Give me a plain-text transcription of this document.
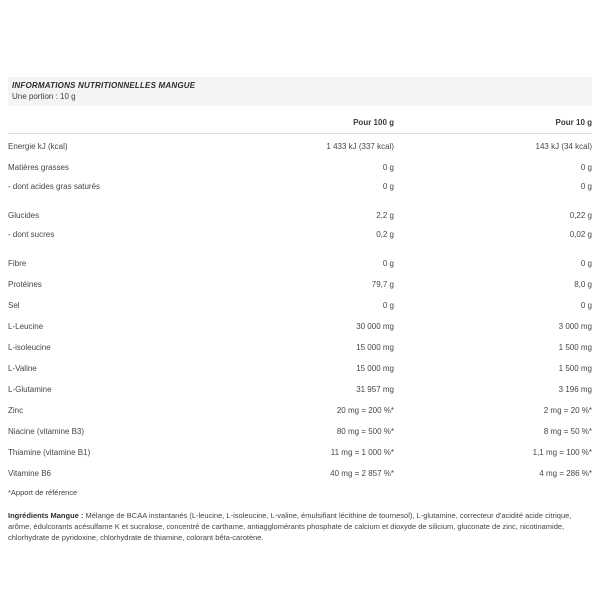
INFORMATIONS NUTRITIONNELLES MANGUE
Une portion : 10 g
Pour 100 g	Pour 10 g
Energie kJ (kcal)	1 433 kJ (337 kcal)	143 kJ (34 kcal)
Matières grasses	0 g	0 g
- dont acides gras saturés	0 g	0 g
Glucides	2,2 g	0,22 g
- dont sucres	0,2 g	0,02 g
Fibre	0 g	0 g
Protéines	79,7 g	8,0 g
Sel	0 g	0 g
L-Leucine	30 000 mg	3 000 mg
L-isoleucine	15 000 mg	1 500 mg
L-Valine	15 000 mg	1 500 mg
L-Glutamine	31 957 mg	3 196 mg
Zinc	20 mg = 200 %*	2 mg = 20 %*
Niacine (vitamine B3)	80 mg = 500 %*	8 mg = 50 %*
Thiamine (vitamine B1)	11 mg = 1 000 %*	1,1 mg = 100 %*
Vitamine B6	40 mg = 2 857 %*	4 mg = 286 %*
*Apport de référence

Ingrédients Mangue : Mélange de BCAA instantanés (L-leucine, L-isoleucine, L-valine, émulsifiant lécithine de tournesol), L-glutamine, correcteur d'acidité acide citrique, arôme, édulcorants acésulfame K et sucralose, concentré de carthame, antiagglomérants phosphate de calcium et dioxyde de silicium, gluconate de zinc, nicotinamide, chlorhydrate de pyridoxine, chlorhydrate de thiamine, colorant bêta-carotène.
